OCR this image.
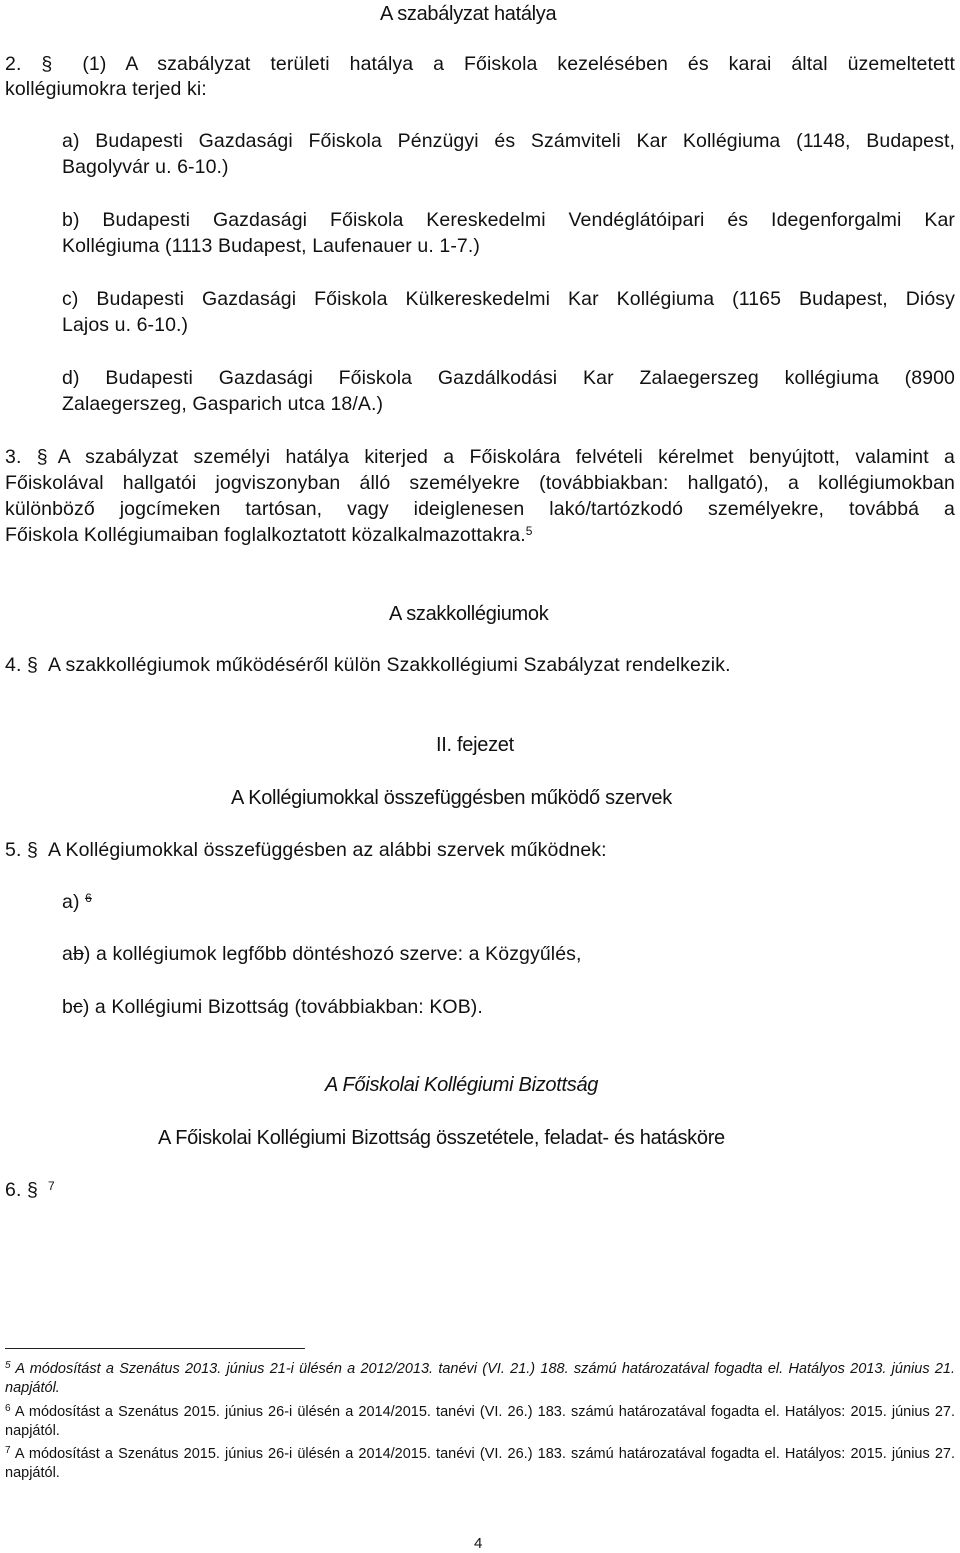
A szabályzat hatálya
2. § (1) A szabályzat területi hatálya a Főiskola kezelésében és karai által üzemeltetett
kollégiumokra terjed ki:
a) Budapesti Gazdasági Főiskola Pénzügyi és Számviteli Kar Kollégiuma (1148, Budapest,
Bagolyvár u. 6-10.)
b) Budapesti Gazdasági Főiskola Kereskedelmi Vendéglátóipari és Idegenforgalmi Kar
Kollégiuma (1113 Budapest, Laufenauer u. 1-7.)
c) Budapesti Gazdasági Főiskola Külkereskedelmi Kar Kollégiuma (1165 Budapest, Diósy
Lajos u. 6-10.)
d) Budapesti Gazdasági Főiskola Gazdálkodási Kar Zalaegerszeg kollégiuma (8900
Zalaegerszeg, Gasparich utca 18/A.)
3. § A szabályzat személyi hatálya kiterjed a Főiskolára felvételi kérelmet benyújtott, valamint a
Főiskolával hallgatói jogviszonyban álló személyekre (továbbiakban: hallgató), a kollégiumokban
különböző jogcímeken tartósan, vagy ideiglenesen lakó/tartózkodó személyekre, továbbá a
Főiskola Kollégiumaiban foglalkoztatott közalkalmazottakra.$^5$
A szakkollégiumok
4. § A szakkollégiumok működéséről külön Szakkollégiumi Szabályzat rendelkezik.
II. fejezet
A Kollégiumokkal összefüggésben működő szervek
5. § A Kollégiumokkal összefüggésben az alábbi szervek működnek:
a) $^6$
ab) a kollégiumok legfőbb döntéshozó szerve: a Közgyűlés,
bc) a Kollégiumi Bizottság (továbbiakban: KOB).
A Főiskolai Kollégiumi Bizottság
A Főiskolai Kollégiumi Bizottság összetétele, feladat- és hatásköre
6. § $^7$
$^5$ A módosítást a Szenátus 2013. június 21-i ülésén a 2012/2013. tanévi (VI. 21.) 188. számú határozatával fogadta el. Hatályos 2013. június 21. napjától.
$^6$ A módosítást a Szenátus 2015. június 26-i ülésén a 2014/2015. tanévi (VI. 26.) 183. számú határozatával fogadta el. Hatályos: 2015. június 27. napjától.
$^7$ A módosítást a Szenátus 2015. június 26-i ülésén a 2014/2015. tanévi (VI. 26.) 183. számú határozatával fogadta el. Hatályos: 2015. június 27. napjától.
4
